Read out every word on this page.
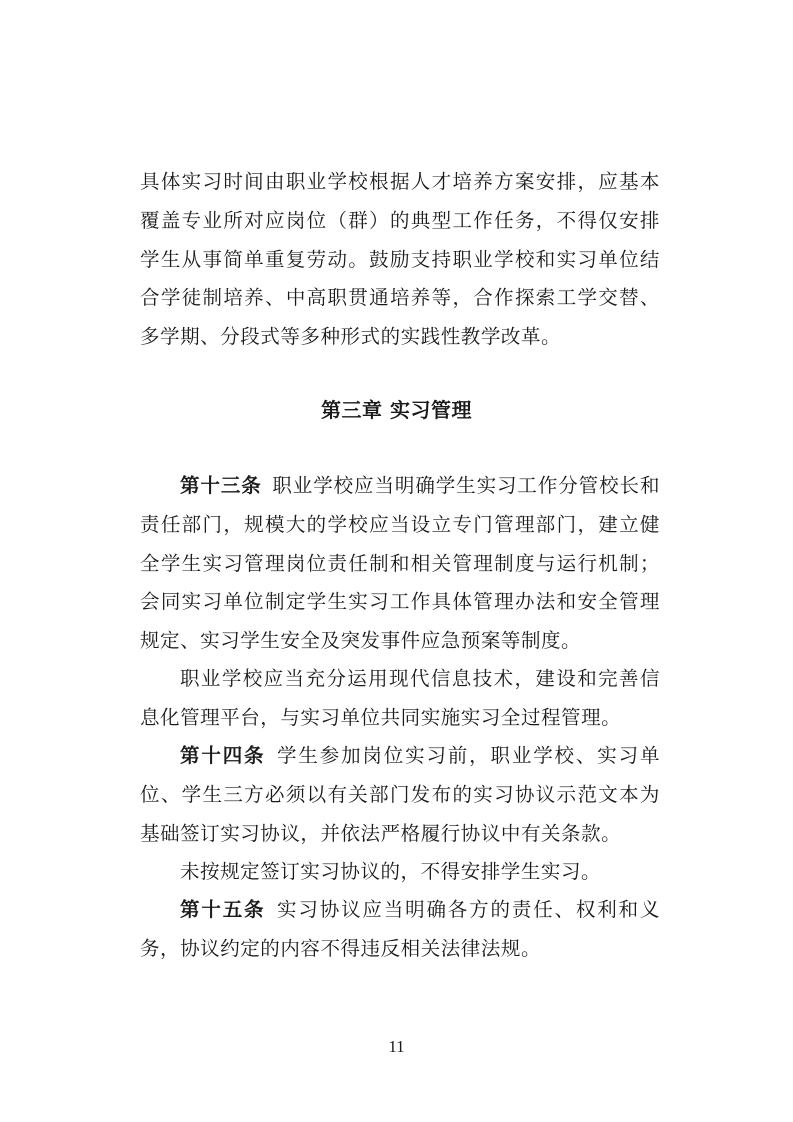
具体实习时间由职业学校根据人才培养方案安排，应基本覆盖专业所对应岗位（群）的典型工作任务，不得仅安排学生从事简单重复劳动。鼓励支持职业学校和实习单位结合学徒制培养、中高职贯通培养等，合作探索工学交替、多学期、分段式等多种形式的实践性教学改革。

第三章 实习管理

第十三条  职业学校应当明确学生实习工作分管校长和责任部门，规模大的学校应当设立专门管理部门，建立健全学生实习管理岗位责任制和相关管理制度与运行机制；会同实习单位制定学生实习工作具体管理办法和安全管理规定、实习学生安全及突发事件应急预案等制度。

职业学校应当充分运用现代信息技术，建设和完善信息化管理平台，与实习单位共同实施实习全过程管理。

第十四条  学生参加岗位实习前，职业学校、实习单位、学生三方必须以有关部门发布的实习协议示范文本为基础签订实习协议，并依法严格履行协议中有关条款。

未按规定签订实习协议的，不得安排学生实习。

第十五条  实习协议应当明确各方的责任、权利和义务，协议约定的内容不得违反相关法律法规。

11
